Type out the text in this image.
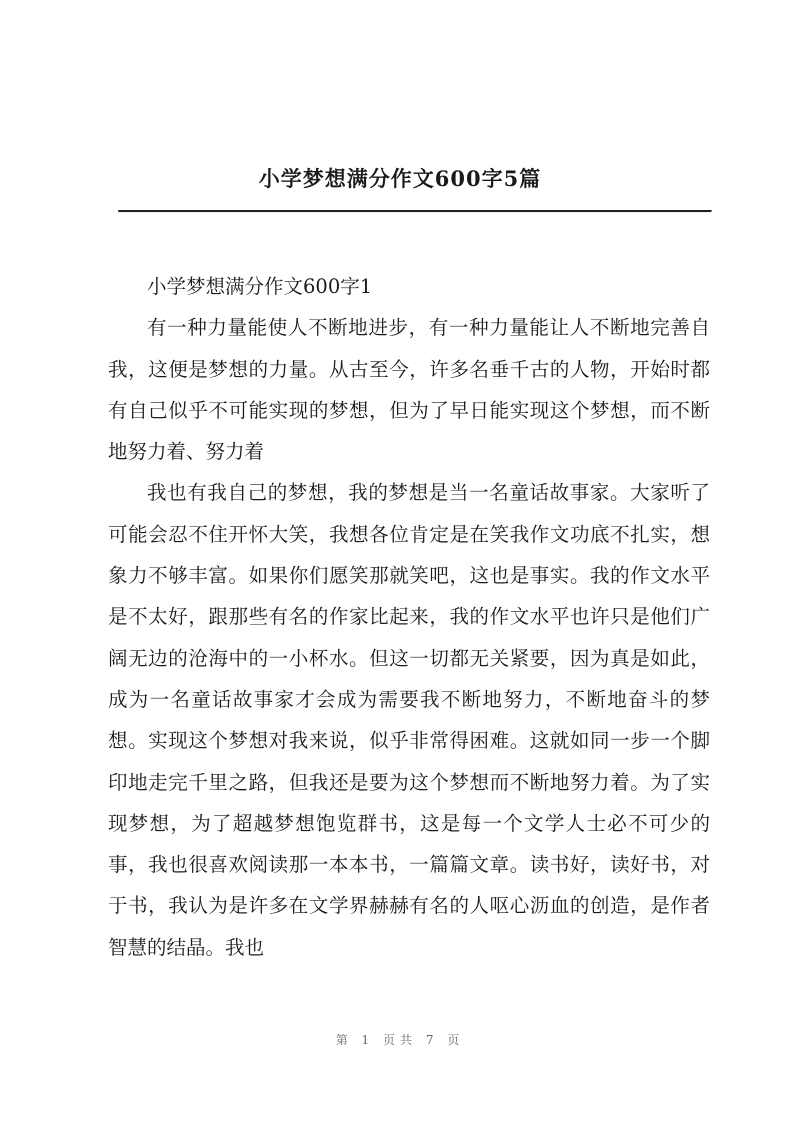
小学梦想满分作文600字5篇

小学梦想满分作文600字1

有一种力量能使人不断地进步，有一种力量能让人不断地完善自我，这便是梦想的力量。从古至今，许多名垂千古的人物，开始时都有自己似乎不可能实现的梦想，但为了早日能实现这个梦想，而不断地努力着、努力着

我也有我自己的梦想，我的梦想是当一名童话故事家。大家听了可能会忍不住开怀大笑，我想各位肯定是在笑我作文功底不扎实，想象力不够丰富。如果你们愿笑那就笑吧，这也是事实。我的作文水平是不太好，跟那些有名的作家比起来，我的作文水平也许只是他们广阔无边的沧海中的一小杯水。但这一切都无关紧要，因为真是如此，成为一名童话故事家才会成为需要我不断地努力，不断地奋斗的梦想。实现这个梦想对我来说，似乎非常得困难。这就如同一步一个脚印地走完千里之路，但我还是要为这个梦想而不断地努力着。为了实现梦想，为了超越梦想饱览群书，这是每一个文学人士必不可少的事，我也很喜欢阅读那一本本书，一篇篇文章。读书好，读好书，对于书，我认为是许多在文学界赫赫有名的人呕心沥血的创造，是作者智慧的结晶。我也

第 1 页共 7 页
